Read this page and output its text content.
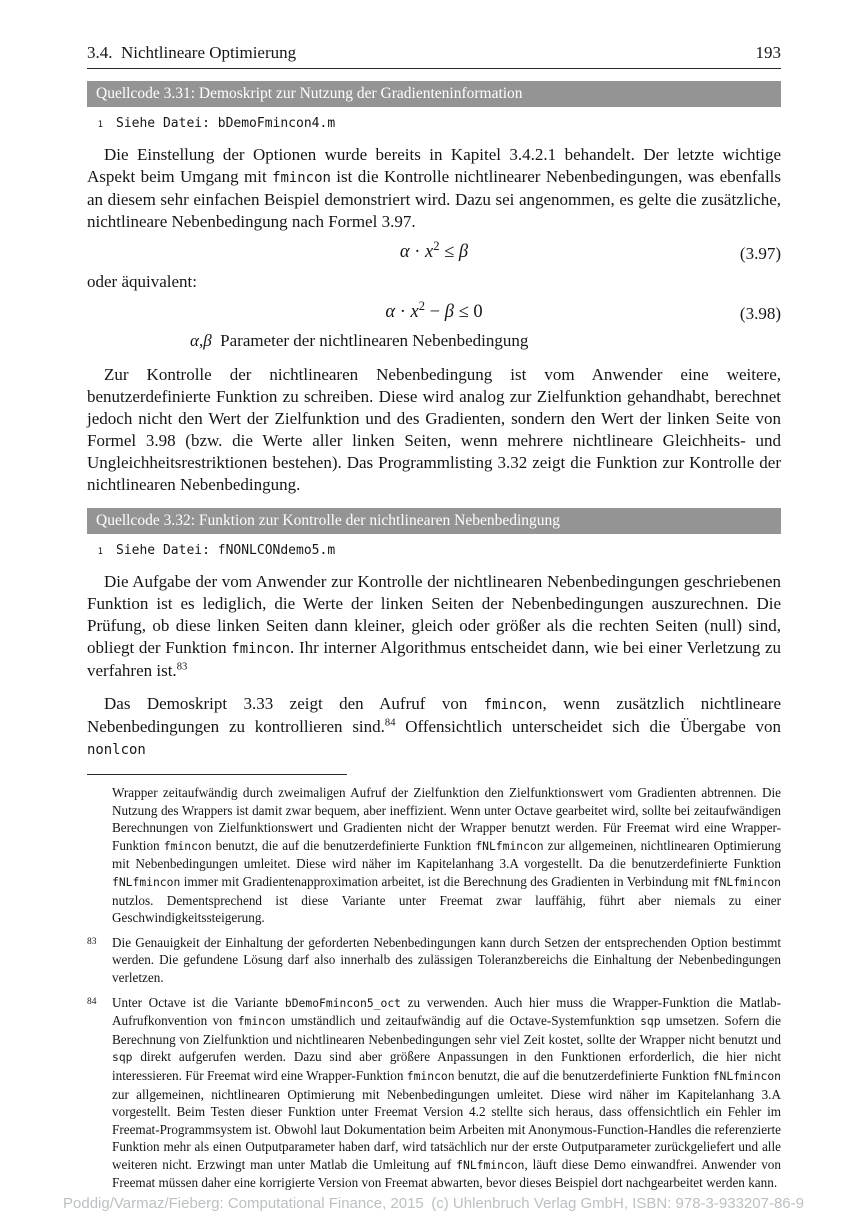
3.4. Nichtlineare Optimierung	193
Quellcode 3.31: Demoskript zur Nutzung der Gradienteninformation
1 Siehe Datei: bDemoFmincon4.m

Die Einstellung der Optionen wurde bereits in Kapitel 3.4.2.1 behandelt. Der letzte wichtige Aspekt beim Umgang mit fmincon ist die Kontrolle nichtlinearer Nebenbedingungen, was ebenfalls an diesem sehr einfachen Beispiel demonstriert wird. Dazu sei angenommen, es gelte die zusätzliche, nichtlineare Nebenbedingung nach Formel 3.97.

$\alpha \cdot x^2 \le \beta$	(3.97)

oder äquivalent:

$\alpha \cdot x^2 - \beta \le 0$	(3.98)
α,β Parameter der nichtlinearen Nebenbedingung

Zur Kontrolle der nichtlinearen Nebenbedingung ist vom Anwender eine weitere, benutzerdefinierte Funktion zu schreiben. Diese wird analog zur Zielfunktion gehandhabt, berechnet jedoch nicht den Wert der Zielfunktion und des Gradienten, sondern den Wert der linken Seite von Formel 3.98 (bzw. die Werte aller linken Seiten, wenn mehrere nichtlineare Gleichheits- und Ungleichheitsrestriktionen bestehen). Das Programmlisting 3.32 zeigt die Funktion zur Kontrolle der nichtlinearen Nebenbedingung.

Quellcode 3.32: Funktion zur Kontrolle der nichtlinearen Nebenbedingung
1 Siehe Datei: fNONLCONdemo5.m

Die Aufgabe der vom Anwender zur Kontrolle der nichtlinearen Nebenbedingungen geschriebenen Funktion ist es lediglich, die Werte der linken Seiten der Nebenbedingungen auszurechnen. Die Prüfung, ob diese linken Seiten dann kleiner, gleich oder größer als die rechten Seiten (null) sind, obliegt der Funktion fmincon. Ihr interner Algorithmus entscheidet dann, wie bei einer Verletzung zu verfahren ist.$^{83}$

Das Demoskript 3.33 zeigt den Aufruf von fmincon, wenn zusätzlich nichtlineare Nebenbedingungen zu kontrollieren sind.$^{84}$ Offensichtlich unterscheidet sich die Übergabe von nonlcon

Wrapper zeitaufwändig durch zweimaligen Aufruf der Zielfunktion den Zielfunktionswert vom Gradienten abtrennen. Die Nutzung des Wrappers ist damit zwar bequem, aber ineffizient. Wenn unter Octave gearbeitet wird, sollte bei zeitaufwändigen Berechnungen von Zielfunktionswert und Gradienten nicht der Wrapper benutzt werden. Für Freemat wird eine Wrapper-Funktion fmincon benutzt, die auf die benutzerdefinierte Funktion fNLfmincon zur allgemeinen, nichtlinearen Optimierung mit Nebenbedingungen umleitet. Diese wird näher im Kapitelanhang 3.A vorgestellt. Da die benutzerdefinierte Funktion fNLfmincon immer mit Gradientenapproximation arbeitet, ist die Berechnung des Gradienten in Verbindung mit fNLfmincon nutzlos. Dementsprechend ist diese Variante unter Freemat zwar lauffähig, führt aber niemals zu einer Geschwindigkeitssteigerung.
83	Die Genauigkeit der Einhaltung der geforderten Nebenbedingungen kann durch Setzen der entsprechenden Option bestimmt werden. Die gefundene Lösung darf also innerhalb des zulässigen Toleranzbereichs die Einhaltung der Nebenbedingungen verletzen.
84	Unter Octave ist die Variante bDemoFmincon5_oct zu verwenden. Auch hier muss die Wrapper-Funktion die Matlab-Aufrufkonvention von fmincon umständlich und zeitaufwändig auf die Octave-Systemfunktion sqp umsetzen. Sofern die Berechnung von Zielfunktion und nichtlinearen Nebenbedingungen sehr viel Zeit kostet, sollte der Wrapper nicht benutzt und sqp direkt aufgerufen werden. Dazu sind aber größere Anpassungen in den Funktionen erforderlich, die hier nicht interessieren. Für Freemat wird eine Wrapper-Funktion fmincon benutzt, die auf die benutzerdefinierte Funktion fNLfmincon zur allgemeinen, nichtlinearen Optimierung mit Nebenbedingungen umleitet. Diese wird näher im Kapitelanhang 3.A vorgestellt. Beim Testen dieser Funktion unter Freemat Version 4.2 stellte sich heraus, dass offensichtlich ein Fehler im Freemat-Programmsystem ist. Obwohl laut Dokumentation beim Arbeiten mit Anonymous-Function-Handles die referenzierte Funktion mehr als einen Outputparameter haben darf, wird tatsächlich nur der erste Outputparameter zurückgeliefert und alle weiteren nicht. Erzwingt man unter Matlab die Umleitung auf fNLfmincon, läuft diese Demo einwandfrei. Anwender von Freemat müssen daher eine korrigierte Version von Freemat abwarten, bevor dieses Beispiel dort nachgearbeitet werden kann.
Poddig/Varmaz/Fieberg: Computational Finance, 2015 (c) Uhlenbruch Verlag GmbH, ISBN: 978-3-933207-86-9
